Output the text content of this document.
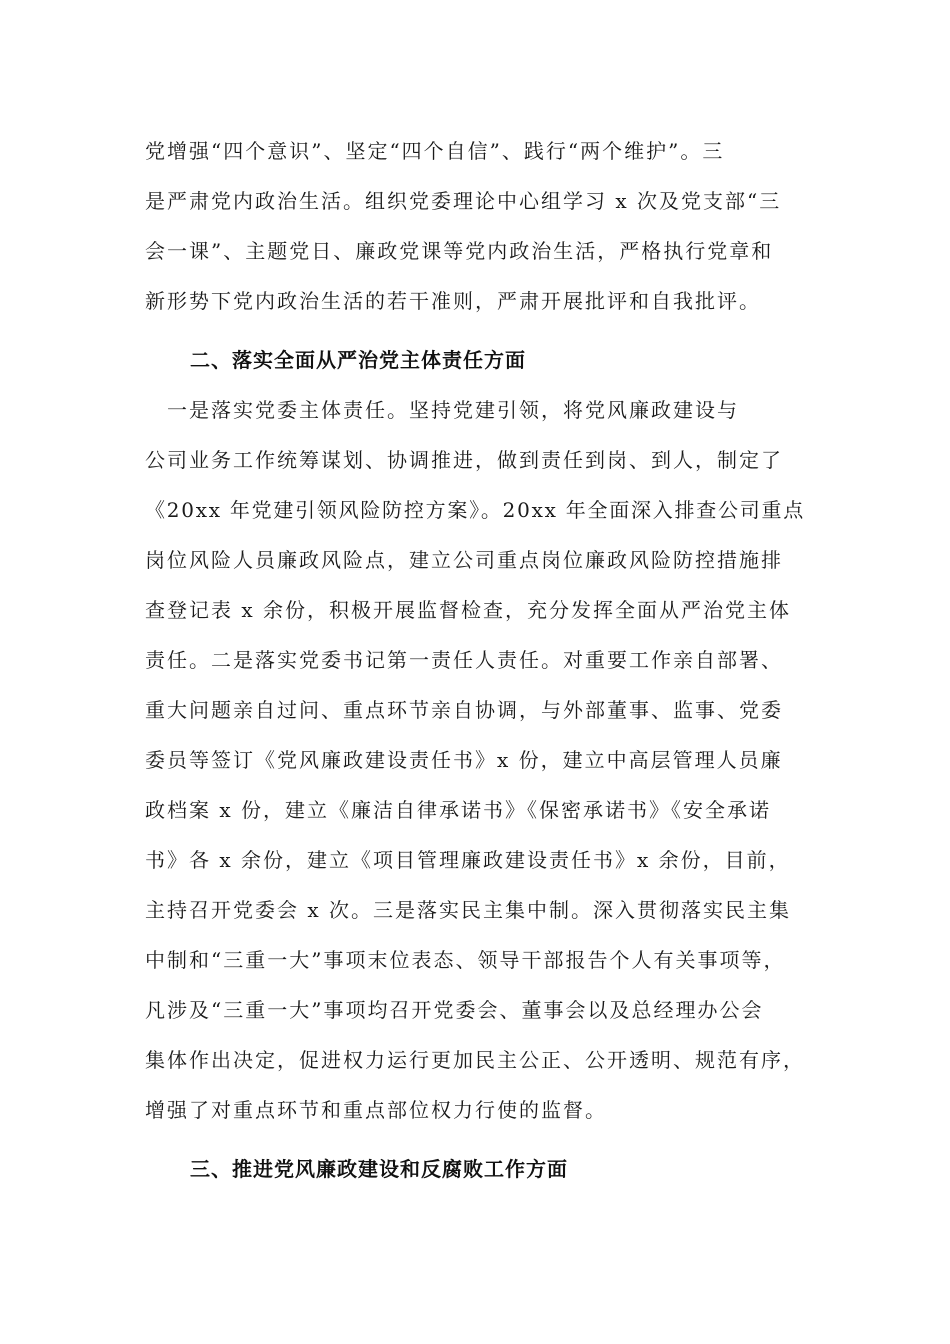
党增强“四个意识”、坚定“四个自信”、践行“两个维护”。三
是严肃党内政治生活。组织党委理论中心组学习 x 次及党支部“三
会一课”、主题党日、廉政党课等党内政治生活，严格执行党章和
新形势下党内政治生活的若干准则，严肃开展批评和自我批评。
二、落实全面从严治党主体责任方面
　一是落实党委主体责任。坚持党建引领，将党风廉政建设与
公司业务工作统筹谋划、协调推进，做到责任到岗、到人，制定了
《20xx 年党建引领风险防控方案》。20xx 年全面深入排查公司重点
岗位风险人员廉政风险点，建立公司重点岗位廉政风险防控措施排
查登记表 x 余份，积极开展监督检查，充分发挥全面从严治党主体
责任。二是落实党委书记第一责任人责任。对重要工作亲自部署、
重大问题亲自过问、重点环节亲自协调，与外部董事、监事、党委
委员等签订《党风廉政建设责任书》x 份，建立中高层管理人员廉
政档案 x 份，建立《廉洁自律承诺书》《保密承诺书》《安全承诺
书》各 x 余份，建立《项目管理廉政建设责任书》x 余份，目前，
主持召开党委会 x 次。三是落实民主集中制。深入贯彻落实民主集
中制和“三重一大”事项末位表态、领导干部报告个人有关事项等，
凡涉及“三重一大”事项均召开党委会、董事会以及总经理办公会
集体作出决定，促进权力运行更加民主公正、公开透明、规范有序，
增强了对重点环节和重点部位权力行使的监督。
三、推进党风廉政建设和反腐败工作方面
